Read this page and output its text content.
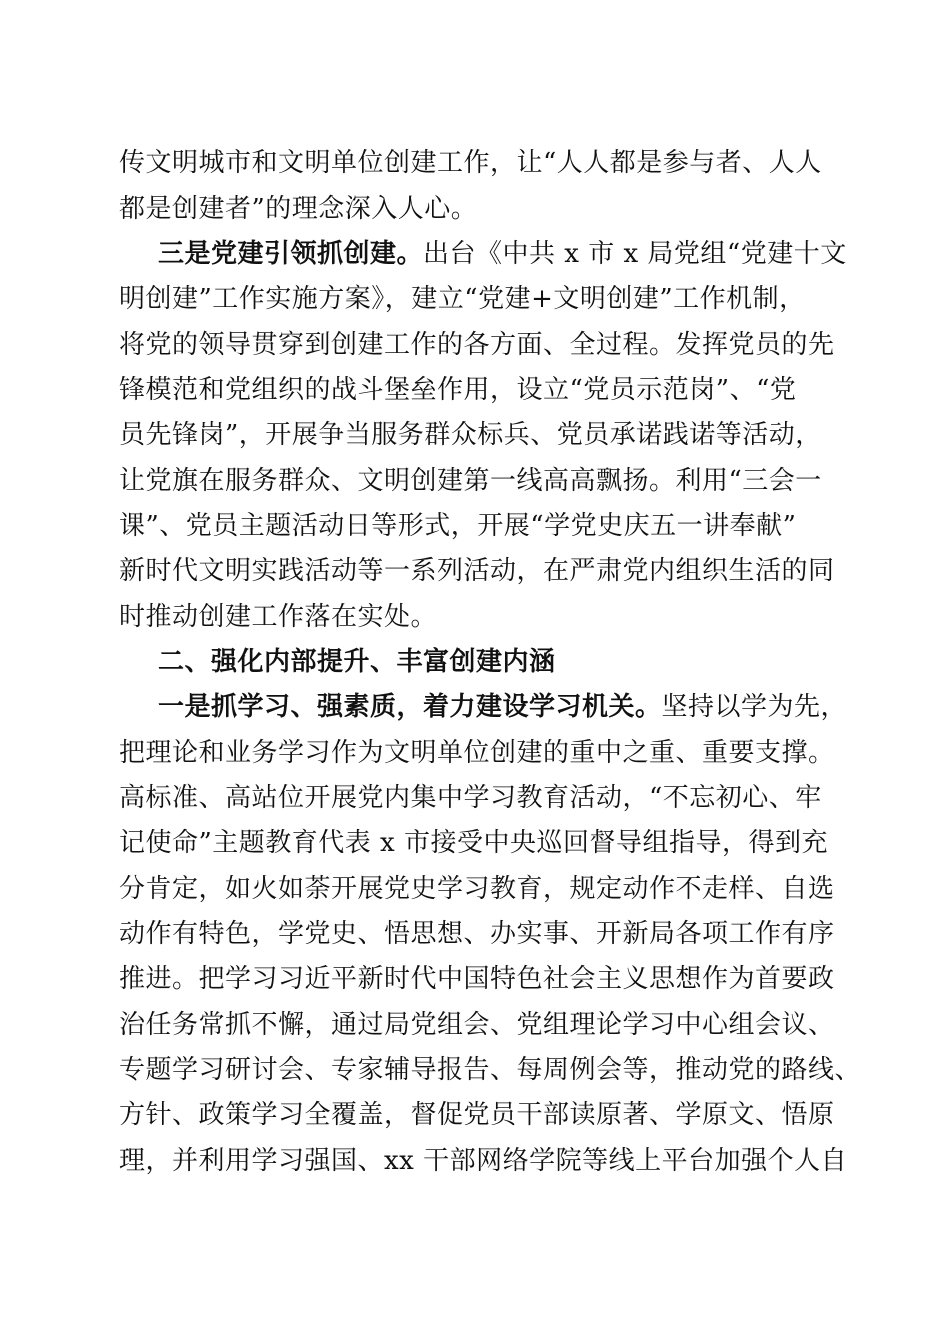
传文明城市和文明单位创建工作，让“人人都是参与者、人人
都是创建者”的理念深入人心。
三是党建引领抓创建。出台《中共 x 市 x 局党组“党建十文
明创建”工作实施方案》，建立“党建+文明创建”工作机制，
将党的领导贯穿到创建工作的各方面、全过程。发挥党员的先
锋模范和党组织的战斗堡垒作用，设立“党员示范岗”、“党
员先锋岗”，开展争当服务群众标兵、党员承诺践诺等活动，
让党旗在服务群众、文明创建第一线高高飘扬。利用“三会一
课”、党员主题活动日等形式，开展“学党史庆五一讲奉献”
新时代文明实践活动等一系列活动，在严肃党内组织生活的同
时推动创建工作落在实处。
二、强化内部提升、丰富创建内涵
一是抓学习、强素质，着力建设学习机关。坚持以学为先，
把理论和业务学习作为文明单位创建的重中之重、重要支撑。
高标准、高站位开展党内集中学习教育活动，“不忘初心、牢
记使命”主题教育代表 x 市接受中央巡回督导组指导，得到充
分肯定，如火如荼开展党史学习教育，规定动作不走样、自选
动作有特色，学党史、悟思想、办实事、开新局各项工作有序
推进。把学习习近平新时代中国特色社会主义思想作为首要政
治任务常抓不懈，通过局党组会、党组理论学习中心组会议、
专题学习研讨会、专家辅导报告、每周例会等，推动党的路线、
方针、政策学习全覆盖，督促党员干部读原著、学原文、悟原
理，并利用学习强国、xx 干部网络学院等线上平台加强个人自
